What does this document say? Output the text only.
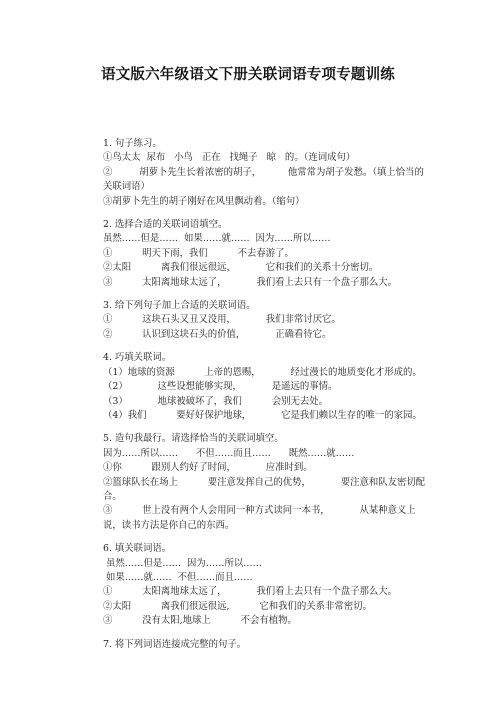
语文版六年级语文下册关联词语专项专题训练

1. 句子练习。

①鸟太太  尿布   小鸟   正在   找绳子   晾   的。（连词成句）

②         胡萝卜先生长着浓密的胡子，         他常常为胡子发愁。（填上恰当的关联词语）

③胡萝卜先生的胡子刚好在风里飘动着。（缩句）

2. 选择合适的关联词语填空。

虽然……但是……  如果……就……  因为……所以……

①          明天下雨，我们          不去春游了。

②太阳          离我们很远很远，          它和我们的关系十分密切。

③          太阳离地球太远了，          我们看上去只有一个盘子那么大。

3. 给下列句子加上合适的关联词语。

①          这块石头又丑又没用，          我们非常讨厌它。

②          认识到这块石头的价值，          正确看待它。

4. 巧填关联词。

（1）地球的资源          上帝的恩赐，          经过漫长的地质变化才形成的。

（2）          这些设想能够实现，          是遥远的事情。

（3）          地球被破坏了，我们          会别无去处。

（4）我们          要好好保护地球，          它是我们赖以生存的唯一的家园。

5. 造句我最行。请选择恰当的关联词填空。

因为……所以……      不但……而且……      既然……就……

①你          跟别人约好了时间，          应准时到。

②篮球队长在场上          要注意发挥自己的优势，          要注意和队友密切配合。

③          世上没有两个人会用同一种方式读同一本书，          从某种意义上说，读书方法是你自己的东西。

6. 填关联词语。

虽然……但是……  因为……所以……

如果……就……  不但……而且……

①          太阳离地球太远了，          我们看上去只有一个盘子那么大。

②太阳          离我们很远很远,          它和我们的关系非常密切。

③          没有太阳,地球上          不会有植物。

7. 将下列词语连接成完整的句子。
